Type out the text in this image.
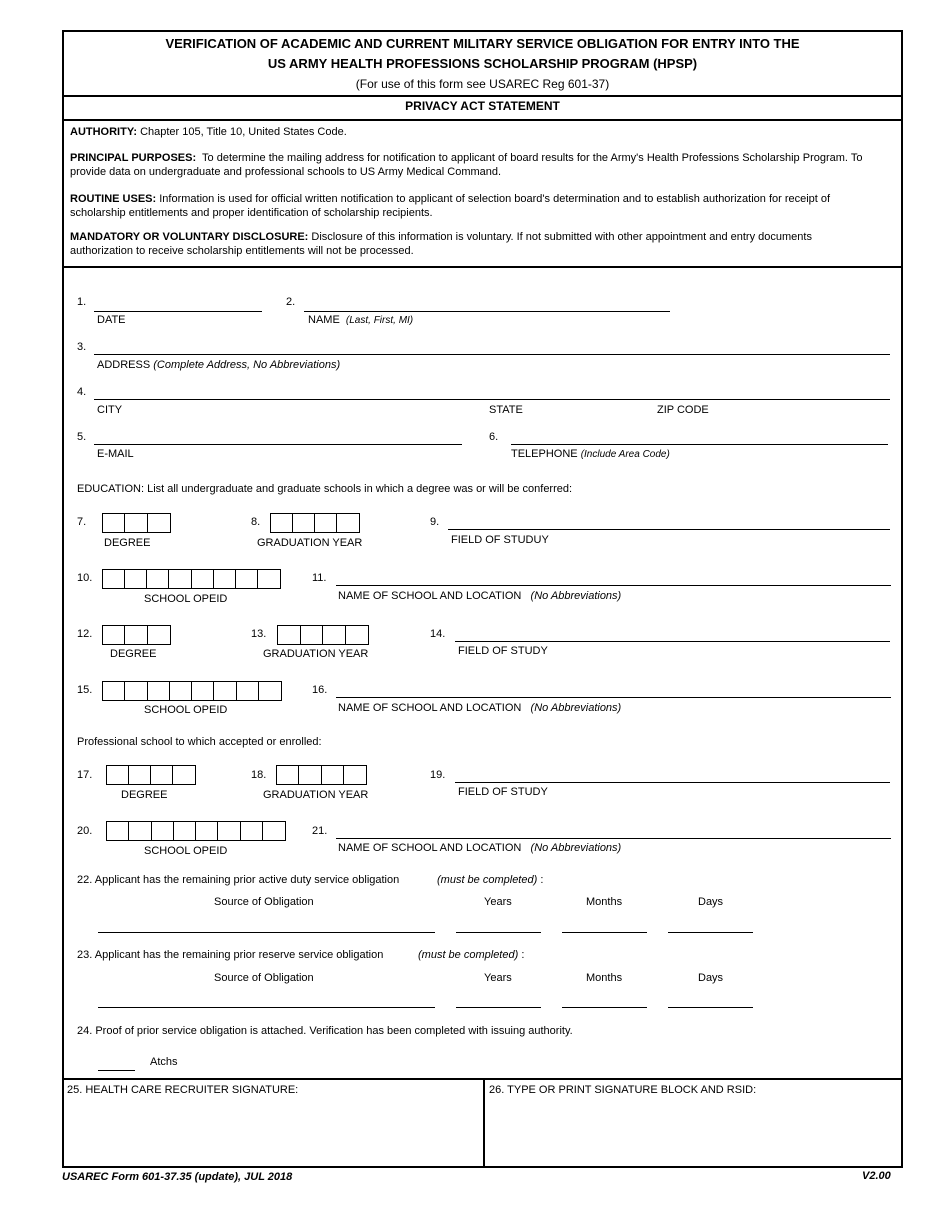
VERIFICATION OF ACADEMIC AND CURRENT MILITARY SERVICE OBLIGATION FOR ENTRY INTO THE
US ARMY HEALTH PROFESSIONS SCHOLARSHIP PROGRAM (HPSP)
(For use of this form see USAREC Reg 601-37)
PRIVACY ACT STATEMENT
AUTHORITY: Chapter 105, Title 10, United States Code.
PRINCIPAL PURPOSES: To determine the mailing address for notification to applicant of board results for the Army's Health Professions Scholarship Program. To provide data on undergraduate and professional schools to US Army Medical Command.
ROUTINE USES: Information is used for official written notification to applicant of selection board's determination and to establish authorization for receipt of scholarship entitlements and proper identification of scholarship recipients.
MANDATORY OR VOLUNTARY DISCLOSURE: Disclosure of this information is voluntary. If not submitted with other appointment and entry documents authorization to receive scholarship entitlements will not be processed.
1.
DATE
2.
NAME (Last, First, MI)
3.
ADDRESS (Complete Address, No Abbreviations)
4.
CITY	STATE	ZIP CODE
5.
E-MAIL
6.
TELEPHONE (Include Area Code)
EDUCATION: List all undergraduate and graduate schools in which a degree was or will be conferred:
7.
DEGREE
8.
GRADUATION YEAR
9.
FIELD OF STUDUY
10.
SCHOOL OPEID
11.
NAME OF SCHOOL AND LOCATION (No Abbreviations)
12.
DEGREE
13.
GRADUATION YEAR
14.
FIELD OF STUDY
15.
SCHOOL OPEID
16.
NAME OF SCHOOL AND LOCATION (No Abbreviations)
Professional school to which accepted or enrolled:
17.
DEGREE
18.
GRADUATION YEAR
19.
FIELD OF STUDY
20.
SCHOOL OPEID
21.
NAME OF SCHOOL AND LOCATION (No Abbreviations)
22. Applicant has the remaining prior active duty service obligation	(must be completed) :
Source of Obligation	Years	Months	Days
23. Applicant has the remaining prior reserve service obligation	(must be completed) :
Source of Obligation	Years	Months	Days
24. Proof of prior service obligation is attached. Verification has been completed with issuing authority.
Atchs
25. HEALTH CARE RECRUITER SIGNATURE:	26. TYPE OR PRINT SIGNATURE BLOCK AND RSID:
USAREC Form 601-37.35 (update), JUL 2018	V2.00
